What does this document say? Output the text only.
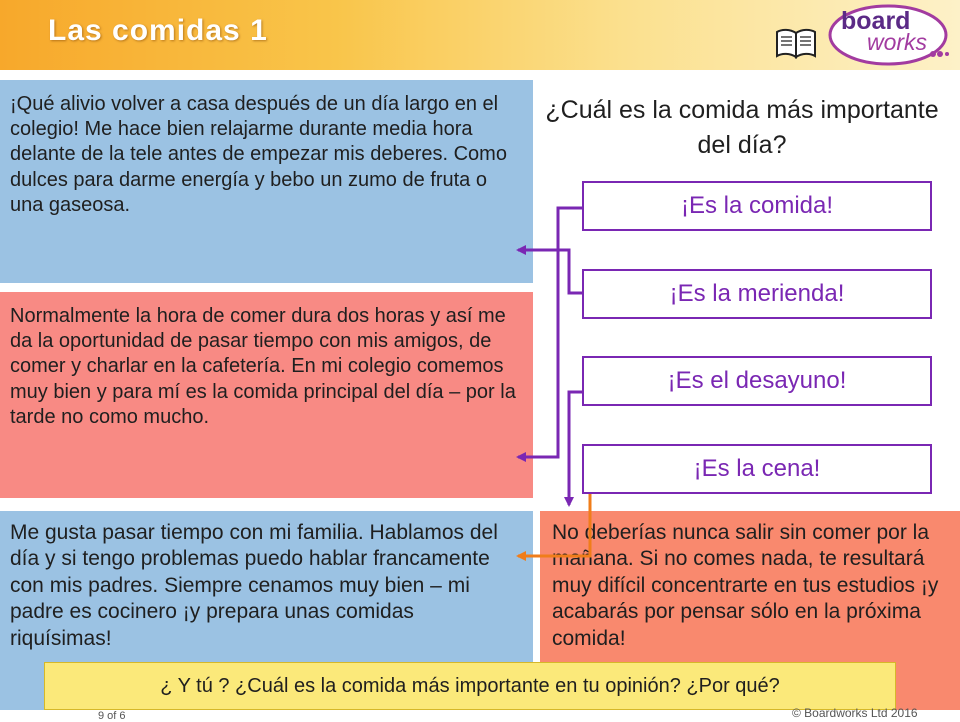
Las comidas 1	board
works
¡Qué alivio volver a casa después de un día largo en el colegio! Me hace bien relajarme durante media hora delante de la tele antes de empezar mis deberes. Como dulces para darme energía y bebo un zumo de fruta o una gaseosa.
Normalmente la hora de comer dura dos horas y así me da la oportunidad de pasar tiempo con mis amigos, de comer y charlar en la cafetería. En mi colegio comemos muy bien y para mí es la comida principal del día – por la tarde no como mucho.
Me gusta pasar tiempo con mi familia. Hablamos del día y si tengo problemas puedo hablar francamente con mis padres. Siempre cenamos muy bien – mi padre es cocinero ¡y prepara unas comidas riquísimas!
No deberías nunca salir sin comer por la mañana. Si no comes nada, te resultará muy difícil concentrarte en tus estudios ¡y acabarás por pensar sólo en la próxima comida!
¿Cuál es la comida más importante del día?
¡Es la comida!
¡Es la merienda!
¡Es el desayuno!
¡Es la cena!
¿ Y tú ? ¿Cuál es la comida más importante en tu opinión? ¿Por qué?
9 of 6	© Boardworks Ltd 2016
